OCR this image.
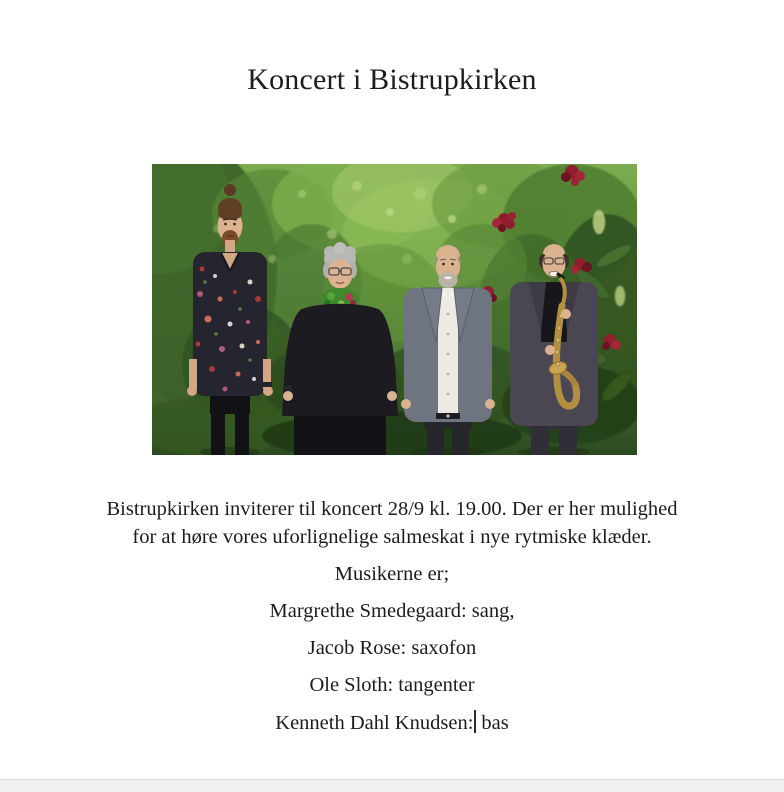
Koncert i Bistrupkirken
Bistrupkirken inviterer til koncert 28/9 kl. 19.00. Der er her mulighed
for at høre vores uforlignelige salmeskat i nye rytmiske klæder.
Musikerne er;
Margrethe Smedegaard: sang,
Jacob Rose: saxofon
Ole Sloth: tangenter
Kenneth Dahl Knudsen: bas
